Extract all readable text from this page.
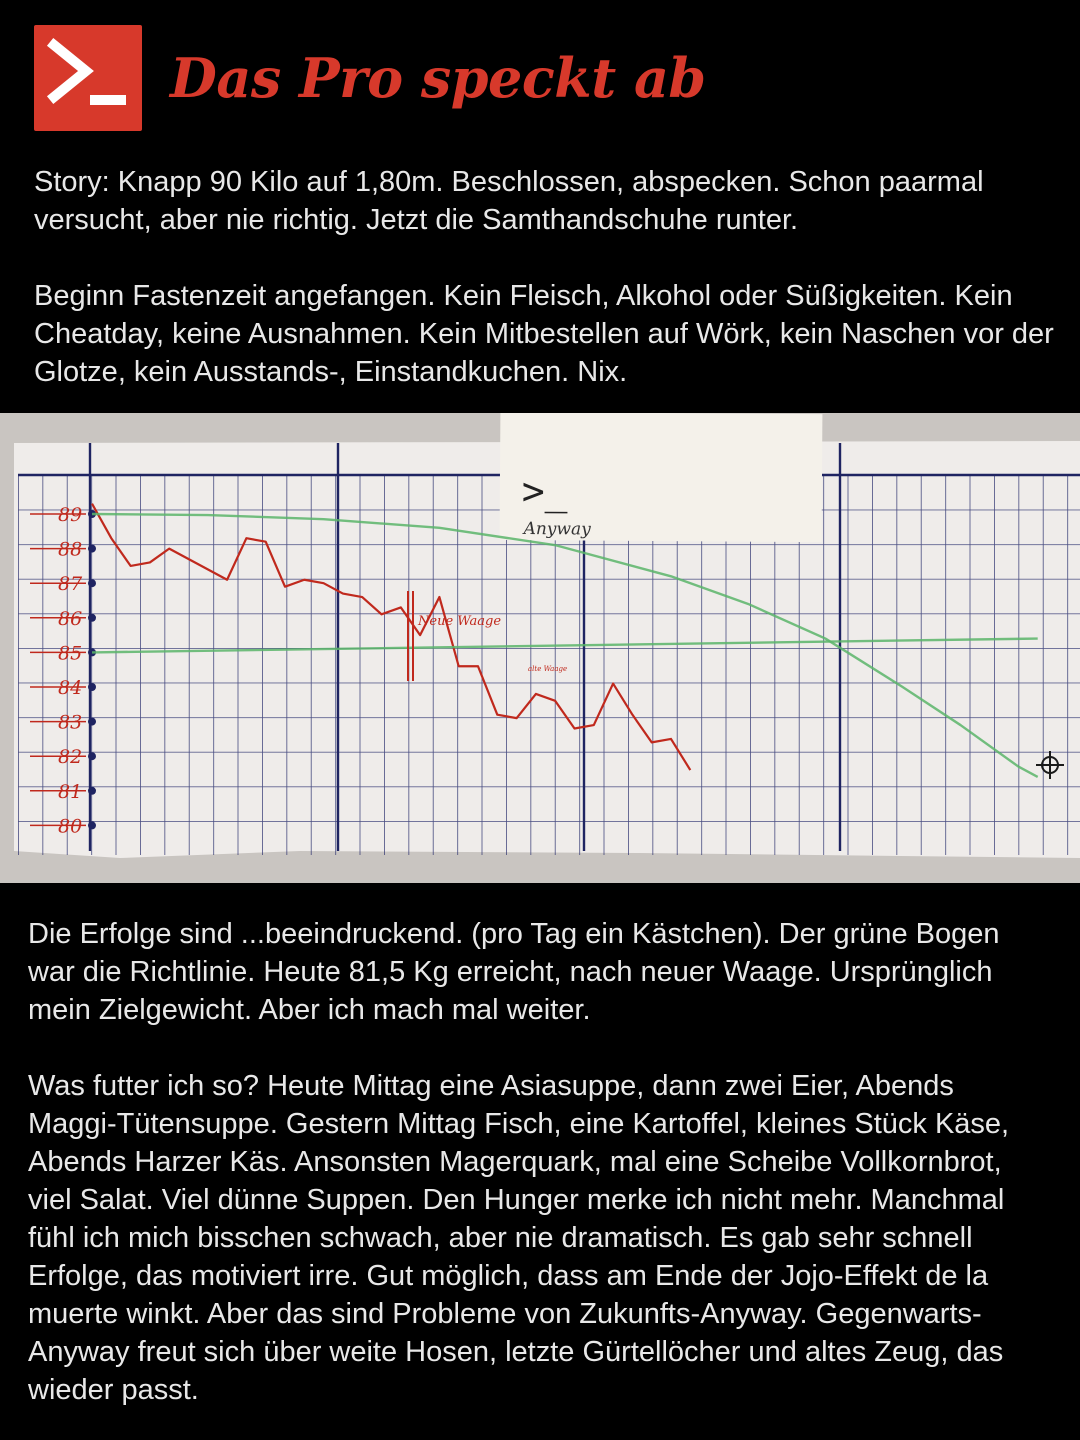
Das Pro speckt ab

Story: Knapp 90 Kilo auf 1,80m. Beschlossen, abspecken. Schon paarmal versucht, aber nie richtig. Jetzt die Samthandschuhe runter.

Beginn Fastenzeit angefangen. Kein Fleisch, Alkohol oder Süßigkeiten. Kein Cheatday, keine Ausnahmen. Kein Mitbestellen auf Wörk, kein Naschen vor der Glotze, kein Ausstands-, Einstandkuchen. Nix.

>_
Anyway
89
88
87
86
85
84
83
82
81
80
Neue Waage
alte Waage

Die Erfolge sind ...beeindruckend. (pro Tag ein Kästchen). Der grüne Bogen war die Richtlinie. Heute 81,5 Kg erreicht, nach neuer Waage. Ursprünglich mein Zielgewicht. Aber ich mach mal weiter.

Was futter ich so? Heute Mittag eine Asiasuppe, dann zwei Eier, Abends Maggi-Tütensuppe. Gestern Mittag Fisch, eine Kartoffel, kleines Stück Käse, Abends Harzer Käs. Ansonsten Magerquark, mal eine Scheibe Vollkornbrot, viel Salat. Viel dünne Suppen. Den Hunger merke ich nicht mehr. Manchmal fühl ich mich bisschen schwach, aber nie dramatisch. Es gab sehr schnell Erfolge, das motiviert irre. Gut möglich, dass am Ende der Jojo-Effekt de la muerte winkt. Aber das sind Probleme von Zukunfts-Anyway. Gegenwarts-Anyway freut sich über weite Hosen, letzte Gürtellöcher und altes Zeug, das wieder passt.
